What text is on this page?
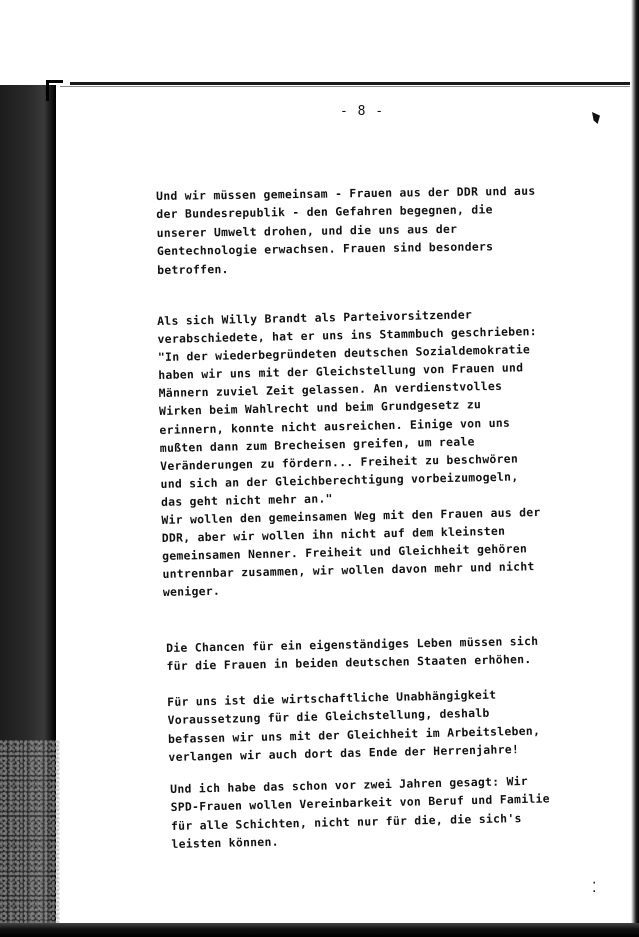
⁚
- 8 -
Und wir müssen gemeinsam - Frauen aus der DDR und aus
der Bundesrepublik - den Gefahren begegnen, die
unserer Umwelt drohen, und die uns aus der
Gentechnologie erwachsen. Frauen sind besonders
betroffen.
Als sich Willy Brandt als Parteivorsitzender
verabschiedete, hat er uns ins Stammbuch geschrieben:
"In der wiederbegründeten deutschen Sozialdemokratie
haben wir uns mit der Gleichstellung von Frauen und
Männern zuviel Zeit gelassen. An verdienstvolles
Wirken beim Wahlrecht und beim Grundgesetz zu
erinnern, konnte nicht ausreichen. Einige von uns
mußten dann zum Brecheisen greifen, um reale
Veränderungen zu fördern... Freiheit zu beschwören
und sich an der Gleichberechtigung vorbeizumogeln,
das geht nicht mehr an."
Wir wollen den gemeinsamen Weg mit den Frauen aus der
DDR, aber wir wollen ihn nicht auf dem kleinsten
gemeinsamen Nenner. Freiheit und Gleichheit gehören
untrennbar zusammen, wir wollen davon mehr und nicht
weniger.
Die Chancen für ein eigenständiges Leben müssen sich
für die Frauen in beiden deutschen Staaten erhöhen.
Für uns ist die wirtschaftliche Unabhängigkeit
Voraussetzung für die Gleichstellung, deshalb
befassen wir uns mit der Gleichheit im Arbeitsleben,
verlangen wir auch dort das Ende der Herrenjahre!
Und ich habe das schon vor zwei Jahren gesagt: Wir
SPD-Frauen wollen Vereinbarkeit von Beruf und Familie
für alle Schichten, nicht nur für die, die sich's
leisten können.
